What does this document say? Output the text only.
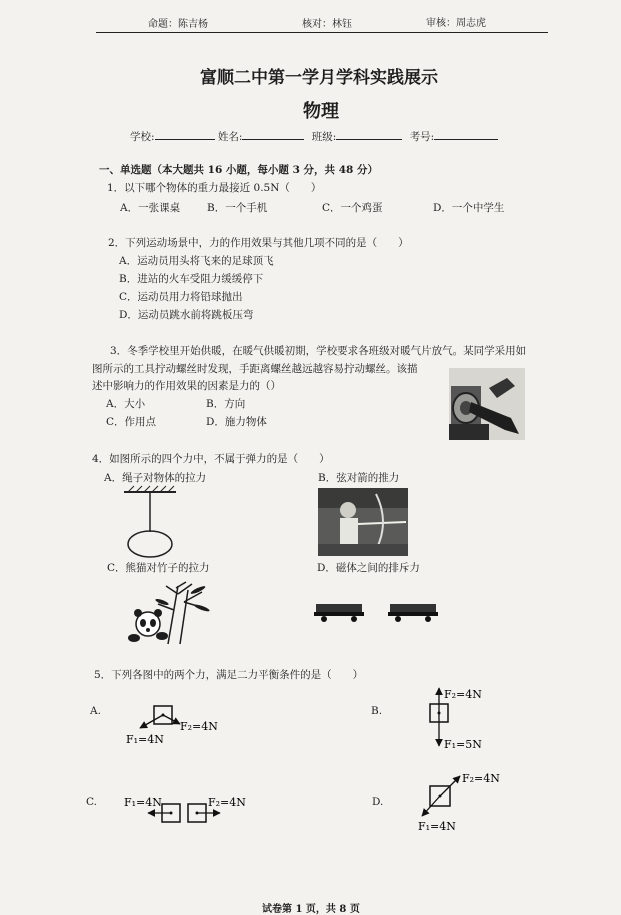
命题：陈吉杨	核对：林钰	审核：周志虎
富顺二中第一学月学科实践展示
物理
学校:	姓名:	班级:	考号:
一、单选题（本大题共 16 小题，每小题 3 分，共 48 分）
1．以下哪个物体的重力最接近 0.5N（　　）
A．一张课桌	B．一个手机	C．一个鸡蛋	D．一个中学生
2．下列运动场景中，力的作用效果与其他几项不同的是（　　）
A．运动员用头将飞来的足球顶飞
B．进站的火车受阻力缓缓停下
C．运动员用力将铅球抛出
D．运动员跳水前将跳板压弯
3．冬季学校里开始供暖，在暖气供暖初期，学校要求各班级对暖气片放气。某同学采用如
图所示的工具拧动螺丝时发现，手距离螺丝越远越容易拧动螺丝。该描
述中影响力的作用效果的因素是力的（）
A．大小	B．方向
C．作用点	D．施力物体
4．如图所示的四个力中，不属于弹力的是（　　）
A．绳子对物体的拉力	B．弦对箭的推力
C．熊猫对竹子的拉力	D．磁体之间的排斥力
5．下列各图中的两个力，满足二力平衡条件的是（　　）
A.	B.
C.	D.
F₁=4N
F₂=4N
F₂=4N
F₁=5N
F₁=4N	F₂=4N
F₂=4N
F₁=4N
试卷第 1 页，共 8 页
